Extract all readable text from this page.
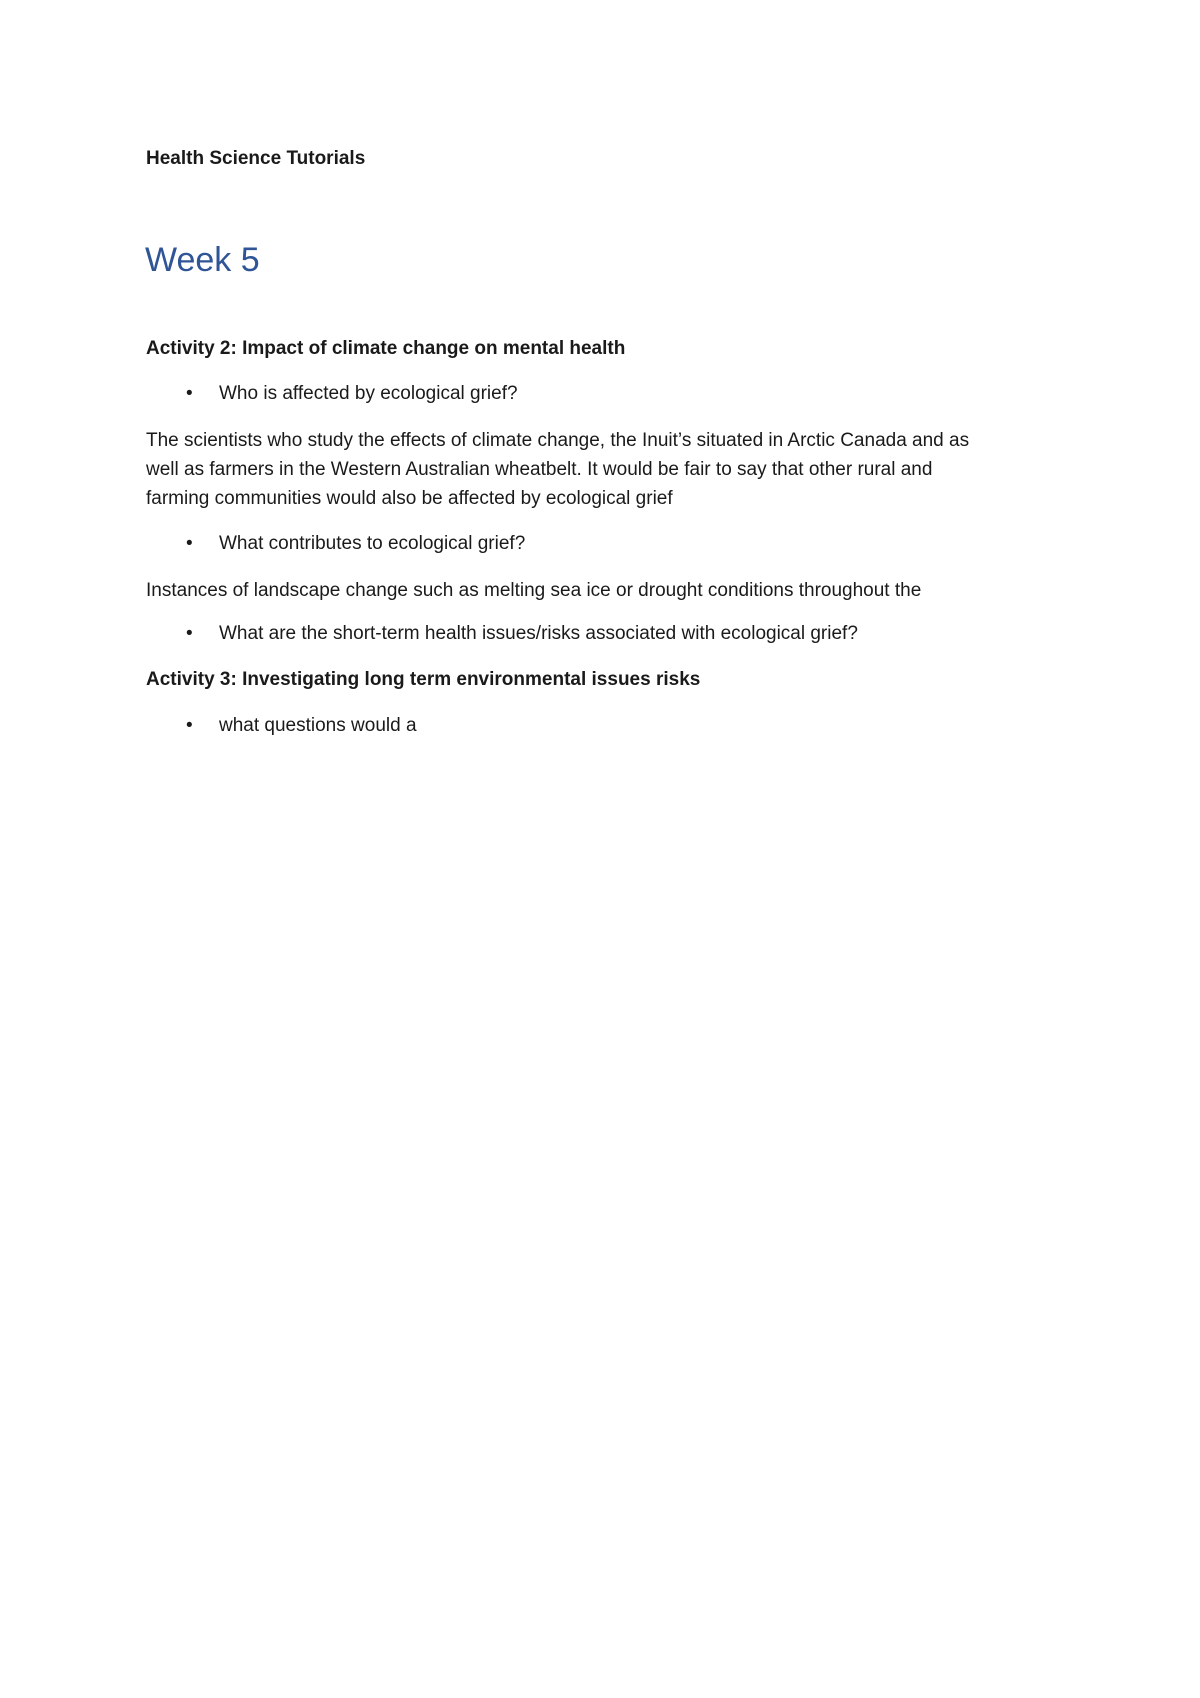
Health Science Tutorials
Week 5
Activity 2: Impact of climate change on mental health
•	Who is affected by ecological grief?
The scientists who study the effects of climate change, the Inuit’s situated in Arctic Canada and as
well as farmers in the Western Australian wheatbelt. It would be fair to say that other rural and
farming communities would also be affected by ecological grief
•	What contributes to ecological grief?
Instances of landscape change such as melting sea ice or drought conditions throughout the
•	What are the short-term health issues/risks associated with ecological grief?
Activity 3: Investigating long term environmental issues risks
•	what questions would a
